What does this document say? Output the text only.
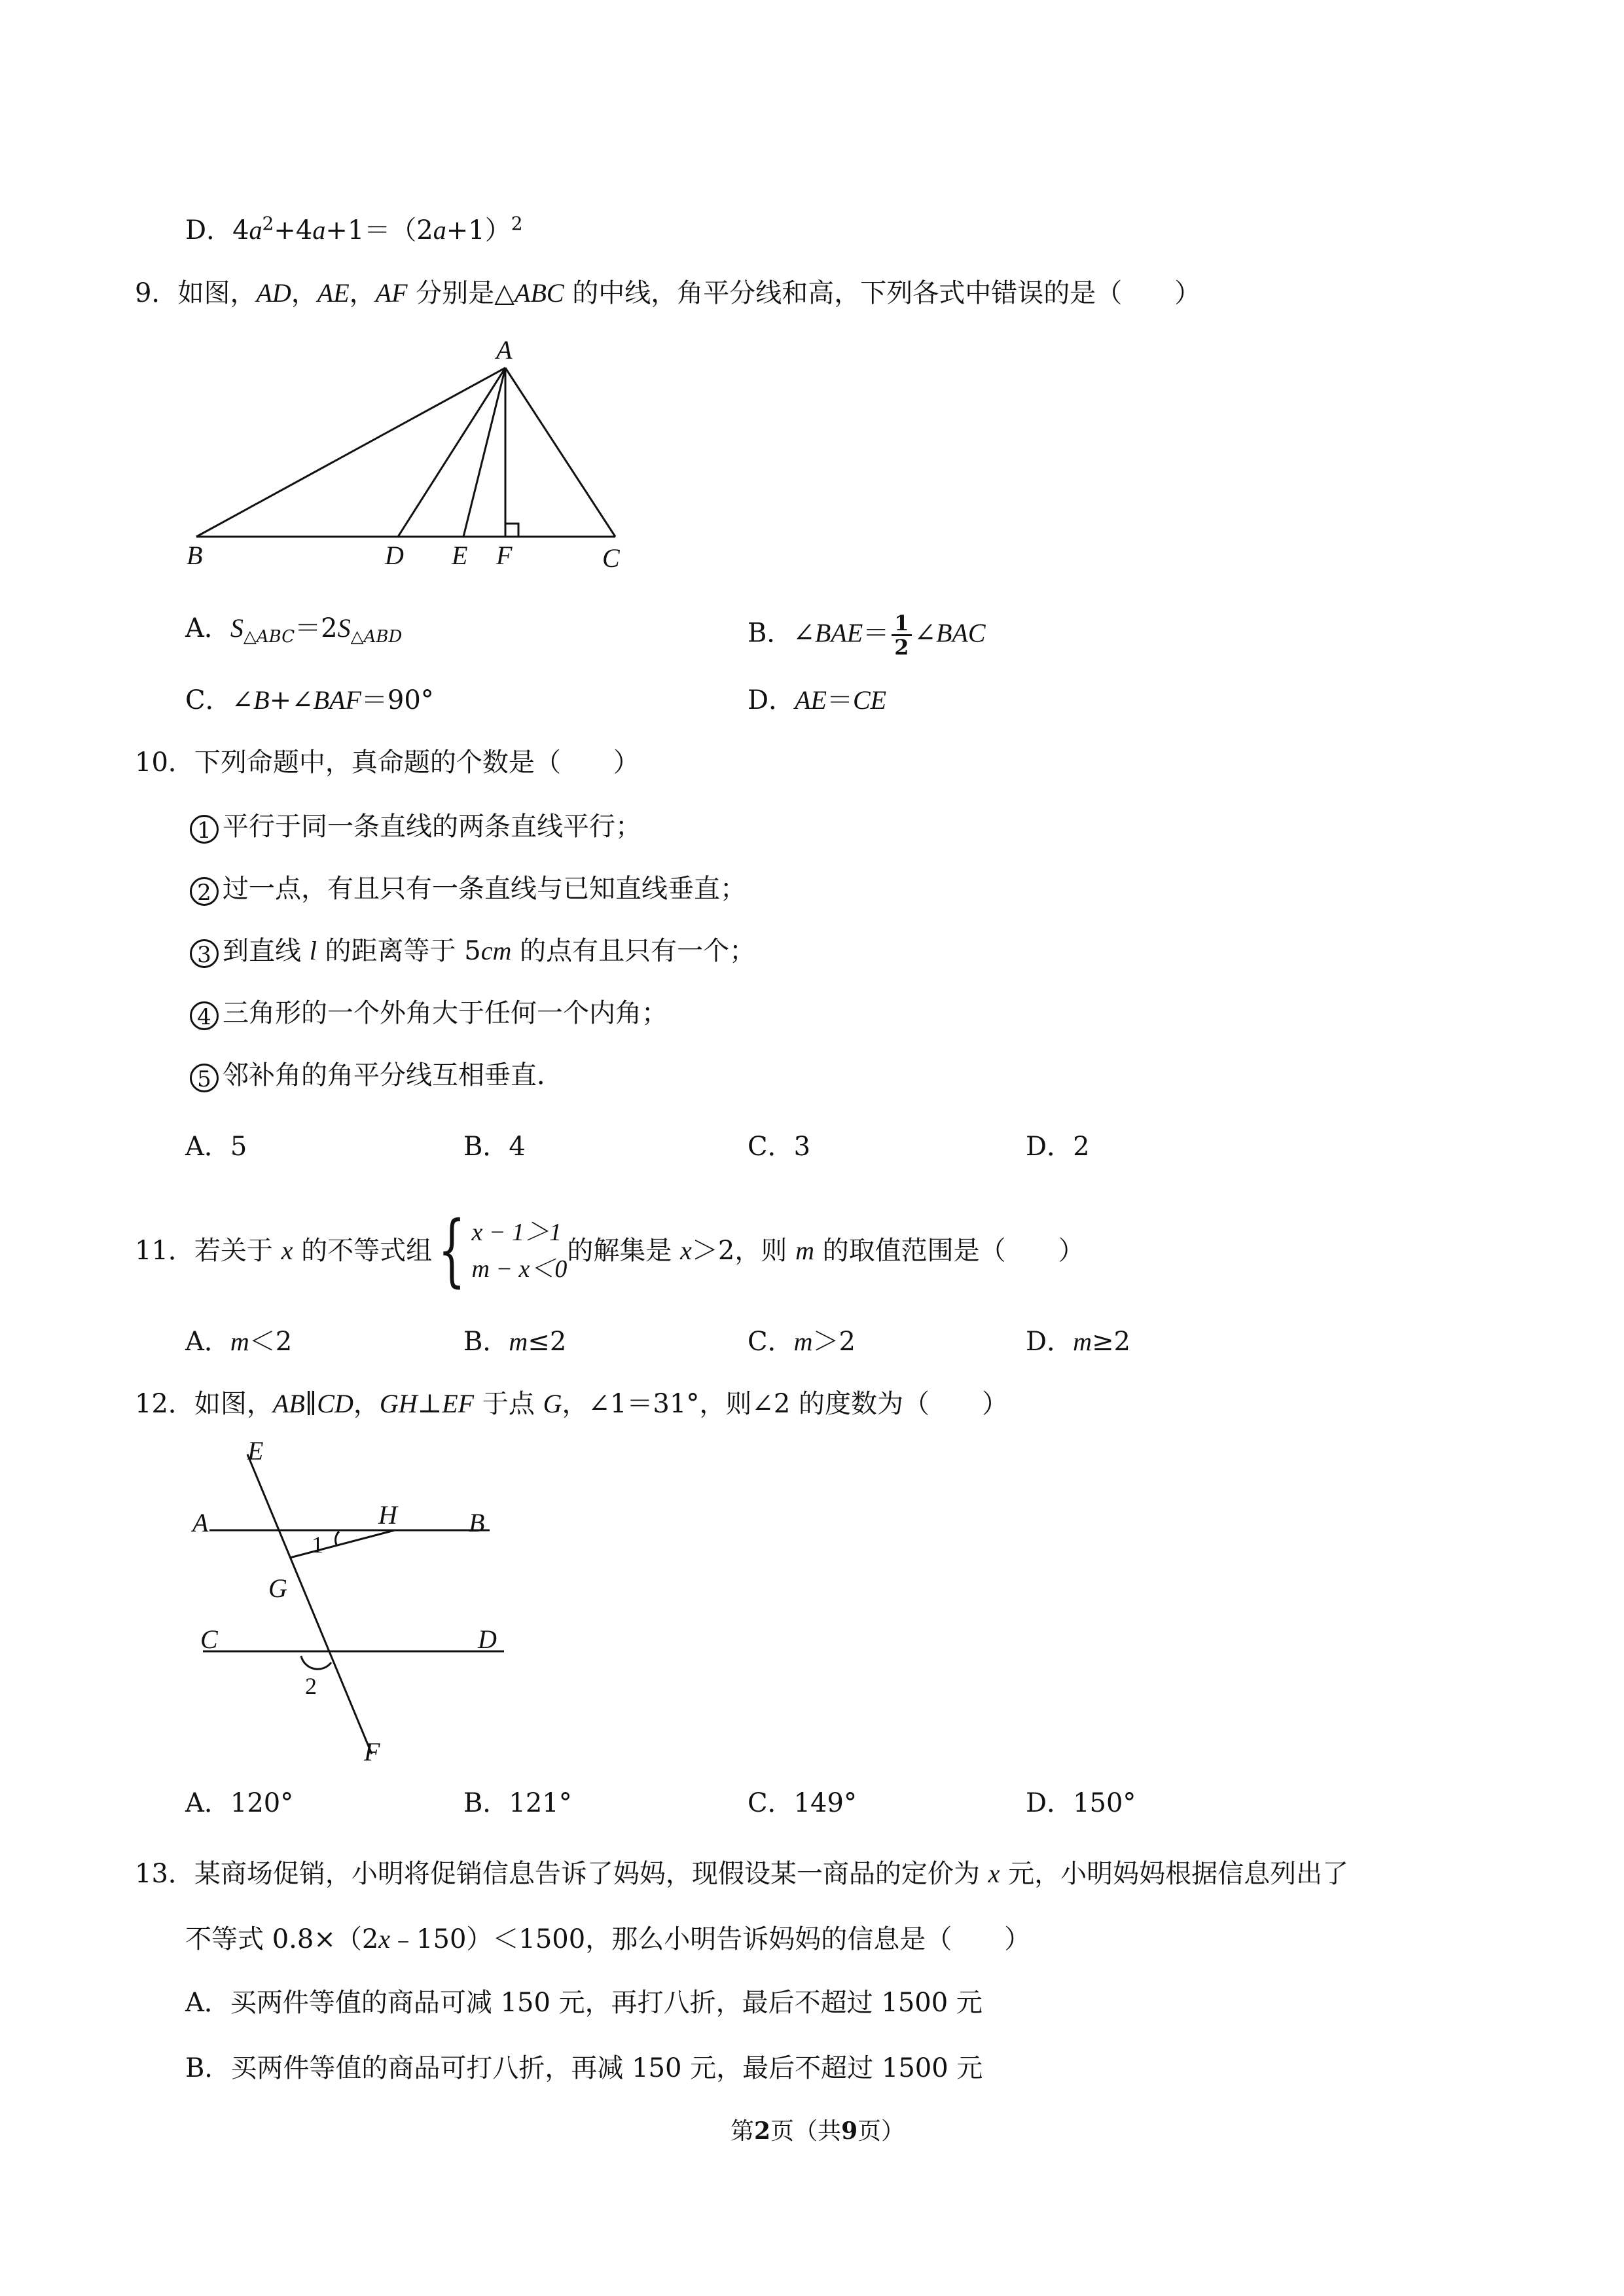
D．$4a^2+4a+1=(2a+1)^2$
9．如图，AD，AE，AF 分别是△ABC 的中线，角平分线和高，下列各式中错误的是（　　）
A
B	D E F	C
A．$S_{\triangle ABC}=2S_{\triangle ABD}$	B．∠BAE＝ $\frac{1}{2}$ ∠BAC
C．∠B+∠BAF＝90°	D．AE＝CE
10．下列命题中，真命题的个数是（　　）
1 平行于同一条直线的两条直线平行；
2 过一点，有且只有一条直线与已知直线垂直；
3 到直线 l 的距离等于 5cm 的点有且只有一个；
4 三角形的一个外角大于任何一个内角；
5 邻补角的角平分线互相垂直．
A．5	B．4	C．3	D．2
11．若关于 x 的不等式组{ x − 1＞1
m − x＜0
的解集是 x＞2，则 m 的取值范围是（　　）
A．m＜2	B．m≤2	C．m＞2	D．m≥2
12．如图，AB∥CD，GH⊥EF 于点 G，∠1＝31°，则∠2 的度数为（　　）
E
A	H	B
1
G
C	D
2
F
A．120°	B．121°	C．149°	D．150°
13．某商场促销，小明将促销信息告诉了妈妈，现假设某一商品的定价为 x 元，小明妈妈根据信息列出了
不等式 0.8×（2x﹣150）＜1500，那么小明告诉妈妈的信息是（　　）
A．买两件等值的商品可减 150 元，再打八折，最后不超过 1500 元
B．买两件等值的商品可打八折，再减 150 元，最后不超过 1500 元
第2页（共9页）
